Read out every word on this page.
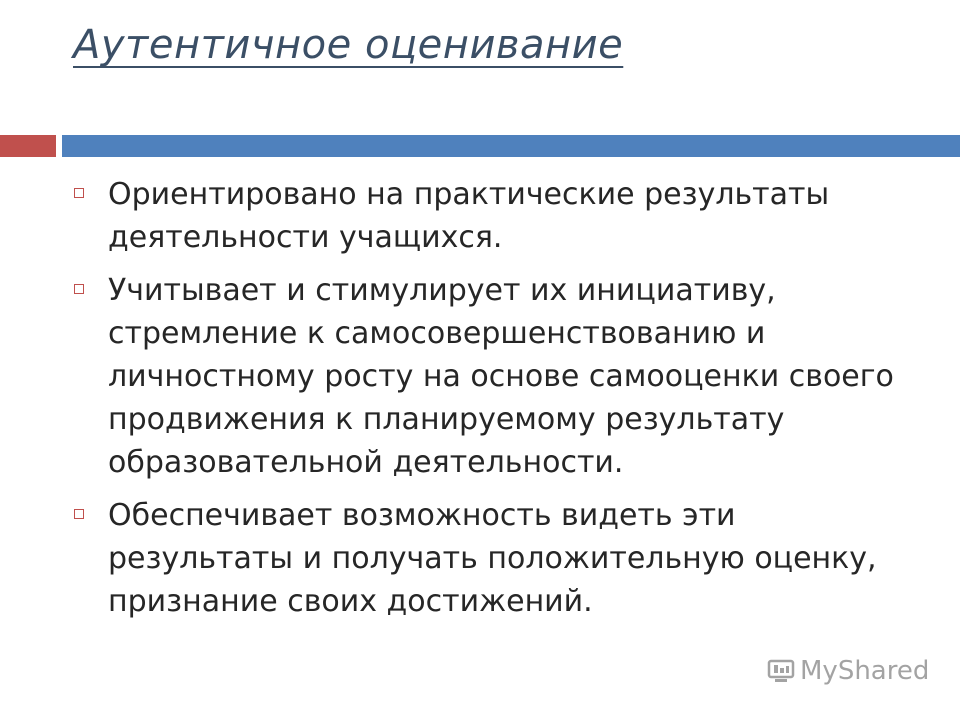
Аутентичное оценивание
Ориентировано на практические результаты деятельности учащихся.
Учитывает и стимулирует их инициативу, стремление к самосовершенствованию и личностному росту на основе самооценки своего продвижения к планируемому результату образовательной деятельности.
Обеспечивает возможность видеть эти результаты и получать положительную оценку, признание своих достижений.
MyShared
